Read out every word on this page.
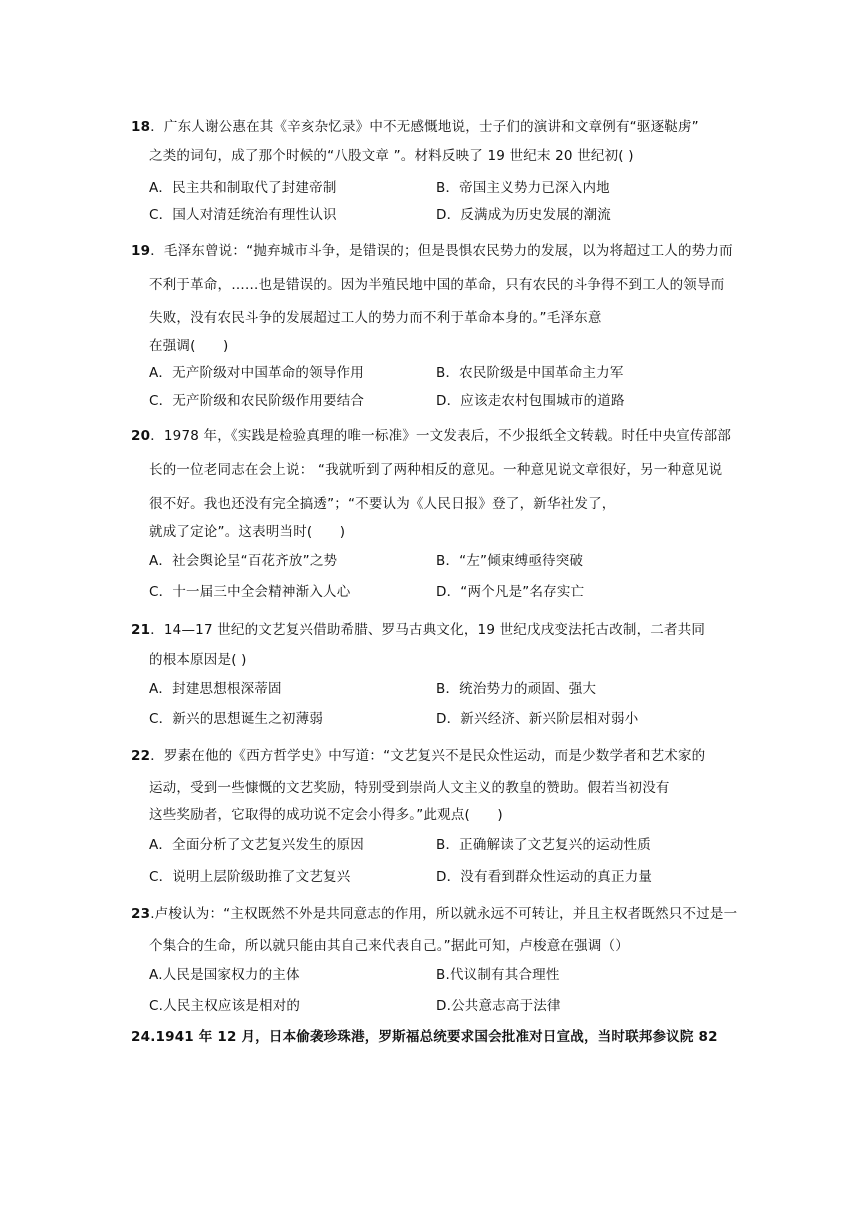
18．广东人谢公惠在其《辛亥杂忆录》中不无感慨地说，士子们的演讲和文章例有“驱逐鞑虏”
之类的词句，成了那个时候的“八股文章 ”。材料反映了 19 世纪末 20 世纪初( )
A．民主共和制取代了封建帝制	B．帝国主义势力已深入内地
C．国人对清廷统治有理性认识	D．反满成为历史发展的潮流
19．毛泽东曾说：“抛弃城市斗争，是错误的；但是畏惧农民势力的发展，以为将超过工人的势力而
不利于革命，……也是错误的。因为半殖民地中国的革命，只有农民的斗争得不到工人的领导而
失败，没有农民斗争的发展超过工人的势力而不利于革命本身的。”毛泽东意
在强调(　　)
A．无产阶级对中国革命的领导作用	B．农民阶级是中国革命主力军
C．无产阶级和农民阶级作用要结合	D．应该走农村包围城市的道路
20．1978 年，《实践是检验真理的唯一标准》一文发表后，不少报纸全文转载。时任中央宣传部部
长的一位老同志在会上说： “我就听到了两种相反的意见。一种意见说文章很好，另一种意见说
很不好。我也还没有完全搞透”；“不要认为《人民日报》登了，新华社发了，
就成了定论”。这表明当时(　　)
A．社会舆论呈“百花齐放”之势	B．“左”倾束缚亟待突破
C．十一届三中全会精神渐入人心	D．“两个凡是”名存实亡
21．14—17 世纪的文艺复兴借助希腊、罗马古典文化，19 世纪戊戌变法托古改制，二者共同
的根本原因是( )
A．封建思想根深蒂固	B．统治势力的顽固、强大
C．新兴的思想诞生之初薄弱	D．新兴经济、新兴阶层相对弱小
22．罗素在他的《西方哲学史》中写道：“文艺复兴不是民众性运动，而是少数学者和艺术家的
运动，受到一些慷慨的文艺奖励，特别受到崇尚人文主义的教皇的赞助。假若当初没有
这些奖励者，它取得的成功说不定会小得多。”此观点(　　)
A．全面分析了文艺复兴发生的原因	B．正确解读了文艺复兴的运动性质
C．说明上层阶级助推了文艺复兴	D．没有看到群众性运动的真正力量
23.卢梭认为：“主权既然不外是共同意志的作用，所以就永远不可转让，并且主权者既然只不过是一
个集合的生命，所以就只能由其自己来代表自己。”据此可知，卢梭意在强调（）
A.人民是国家权力的主体	B.代议制有其合理性
C.人民主权应该是相对的	D.公共意志高于法律
24.1941 年 12 月，日本偷袭珍珠港，罗斯福总统要求国会批准对日宣战，当时联邦参议院 82
